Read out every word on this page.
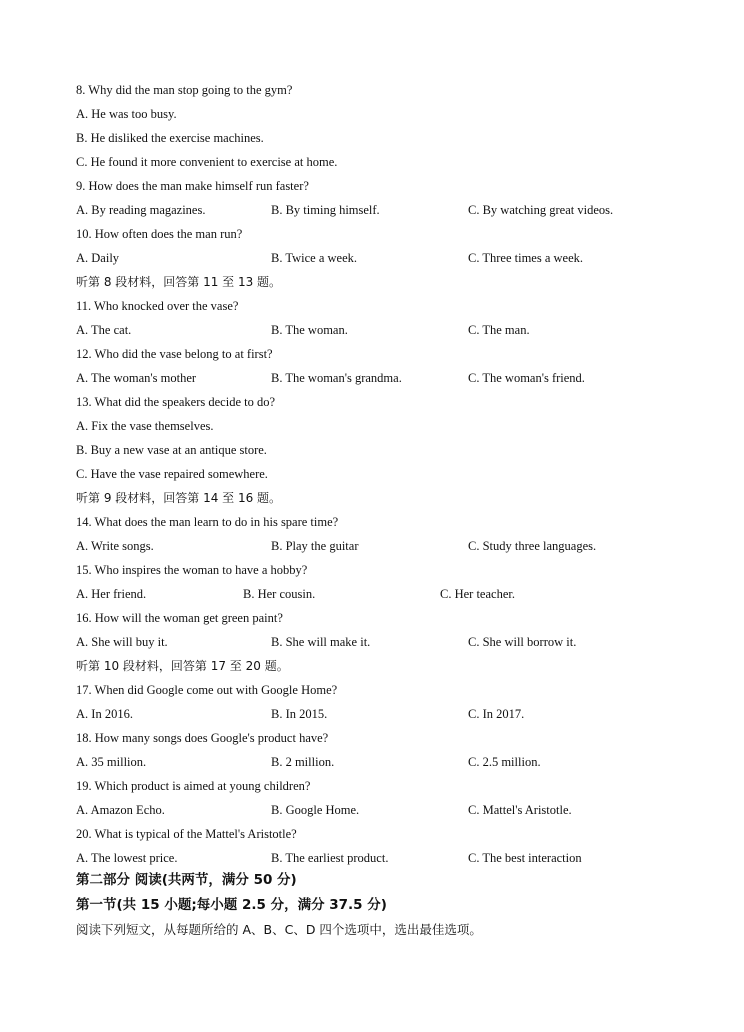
8. Why did the man stop going to the gym?
A. He was too busy.
B. He disliked the exercise machines.
C. He found it more convenient to exercise at home.
9. How does the man make himself run faster?
A. By reading magazines.	B. By timing himself.	C. By watching great videos.
10. How often does the man run?
A. Daily	B. Twice a week.	C. Three times a week.
听第 8 段材料，回答第 11 至 13 题。
11. Who knocked over the vase?
A. The cat.	B. The woman.	C. The man.
12. Who did the vase belong to at first?
A. The woman's mother	B. The woman's grandma.	C. The woman's friend.
13. What did the speakers decide to do?
A. Fix the vase themselves.
B. Buy a new vase at an antique store.
C. Have the vase repaired somewhere.
听第 9 段材料，回答第 14 至 16 题。
14. What does the man learn to do in his spare time?
A. Write songs.	B. Play the guitar	C. Study three languages.
15. Who inspires the woman to have a hobby?
A. Her friend.	B. Her cousin.	C. Her teacher.
16. How will the woman get green paint?
A. She will buy it.	B. She will make it.	C. She will borrow it.
听第 10 段材料，回答第 17 至 20 题。
17. When did Google come out with Google Home?
A. In 2016.	B. In 2015.	C. In 2017.
18. How many songs does Google's product have?
A. 35 million.	B. 2 million.	C. 2.5 million.
19. Which product is aimed at young children?
A. Amazon Echo.	B. Google Home.	C. Mattel's Aristotle.
20. What is typical of the Mattel's Aristotle?
A. The lowest price.	B. The earliest product.	C. The best interaction
第二部分 阅读(共两节，满分 50 分)
第一节(共 15 小题;每小题 2.5 分，满分 37.5 分)
阅读下列短文，从每题所给的 A、B、C、D 四个选项中，选出最佳选项。
